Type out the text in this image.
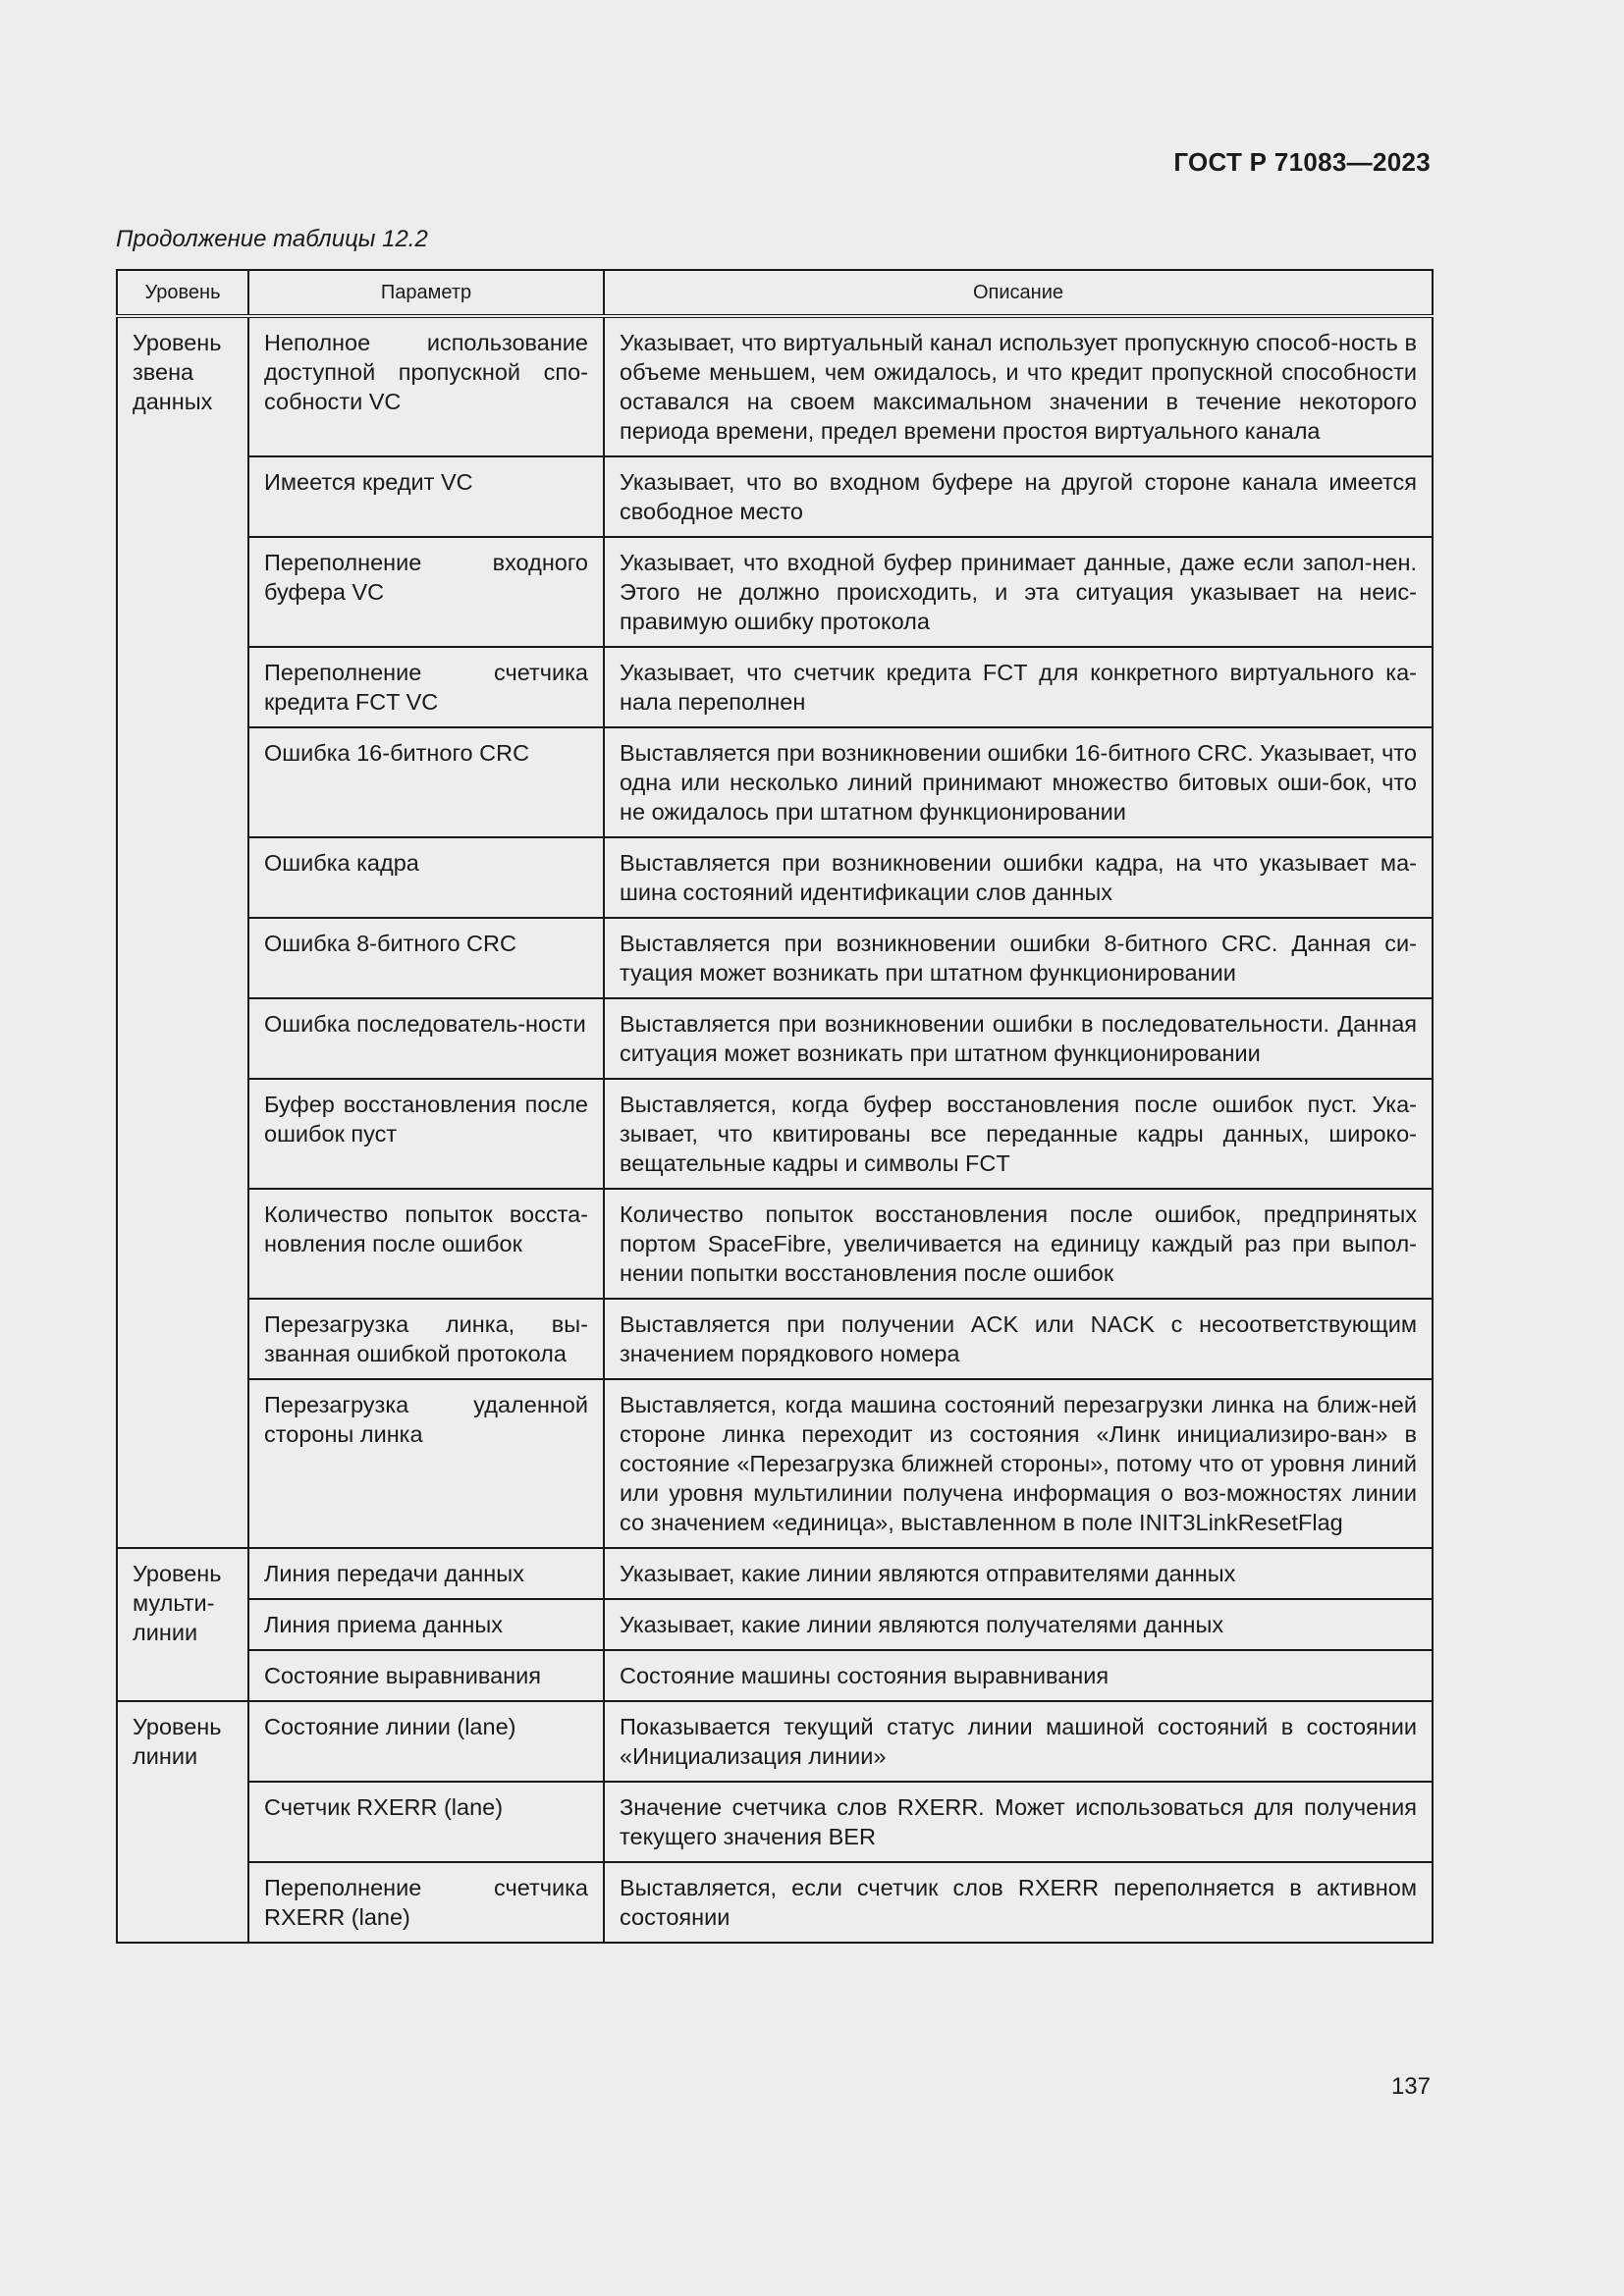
ГОСТ Р 71083—2023
Продолжение таблицы 12.2
Уровень	Параметр	Описание
Уровень звена данных	Неполное использование доступной пропускной спо-собности VC	Указывает, что виртуальный канал использует пропускную способ-ность в объеме меньшем, чем ожидалось, и что кредит пропускной способности оставался на своем максимальном значении в течение некоторого периода времени, предел времени простоя виртуального канала
	Имеется кредит VC	Указывает, что во входном буфере на другой стороне канала имеется свободное место
	Переполнение входного буфера VC	Указывает, что входной буфер принимает данные, даже если запол-нен. Этого не должно происходить, и эта ситуация указывает на неис-правимую ошибку протокола
	Переполнение счетчика кредита FCT VC	Указывает, что счетчик кредита FCT для конкретного виртуального ка-нала переполнен
	Ошибка 16-битного CRC	Выставляется при возникновении ошибки 16-битного CRC. Указывает, что одна или несколько линий принимают множество битовых оши-бок, что не ожидалось при штатном функционировании
	Ошибка кадра	Выставляется при возникновении ошибки кадра, на что указывает ма-шина состояний идентификации слов данных
	Ошибка 8-битного CRC	Выставляется при возникновении ошибки 8-битного CRC. Данная си-туация может возникать при штатном функционировании
	Ошибка последователь-ности	Выставляется при возникновении ошибки в последовательности. Данная ситуация может возникать при штатном функционировании
	Буфер восстановления после ошибок пуст	Выставляется, когда буфер восстановления после ошибок пуст. Ука-зывает, что квитированы все переданные кадры данных, широко-вещательные кадры и символы FCT
	Количество попыток восста-новления после ошибок	Количество попыток восстановления после ошибок, предпринятых портом SpaceFibre, увеличивается на единицу каждый раз при выпол-нении попытки восстановления после ошибок
	Перезагрузка линка, вы-званная ошибкой протокола	Выставляется при получении ACK или NACK с несоответствующим значением порядкового номера
	Перезагрузка удаленной стороны линка	Выставляется, когда машина состояний перезагрузки линка на ближ-ней стороне линка переходит из состояния «Линк инициализиро-ван» в состояние «Перезагрузка ближней стороны», потому что от уровня линий или уровня мультилинии получена информация о воз-можностях линии со значением «единица», выставленном в поле INIT3LinkResetFlag
Уровень мульти-линии	Линия передачи данных	Указывает, какие линии являются отправителями данных
	Линия приема данных	Указывает, какие линии являются получателями данных
	Состояние выравнивания	Состояние машины состояния выравнивания
Уровень линии	Состояние линии (lane)	Показывается текущий статус линии машиной состояний в состоянии «Инициализация линии»
	Счетчик RXERR (lane)	Значение счетчика слов RXERR. Может использоваться для получения текущего значения BER
	Переполнение счетчика RXERR (lane)	Выставляется, если счетчик слов RXERR переполняется в активном состоянии
137
